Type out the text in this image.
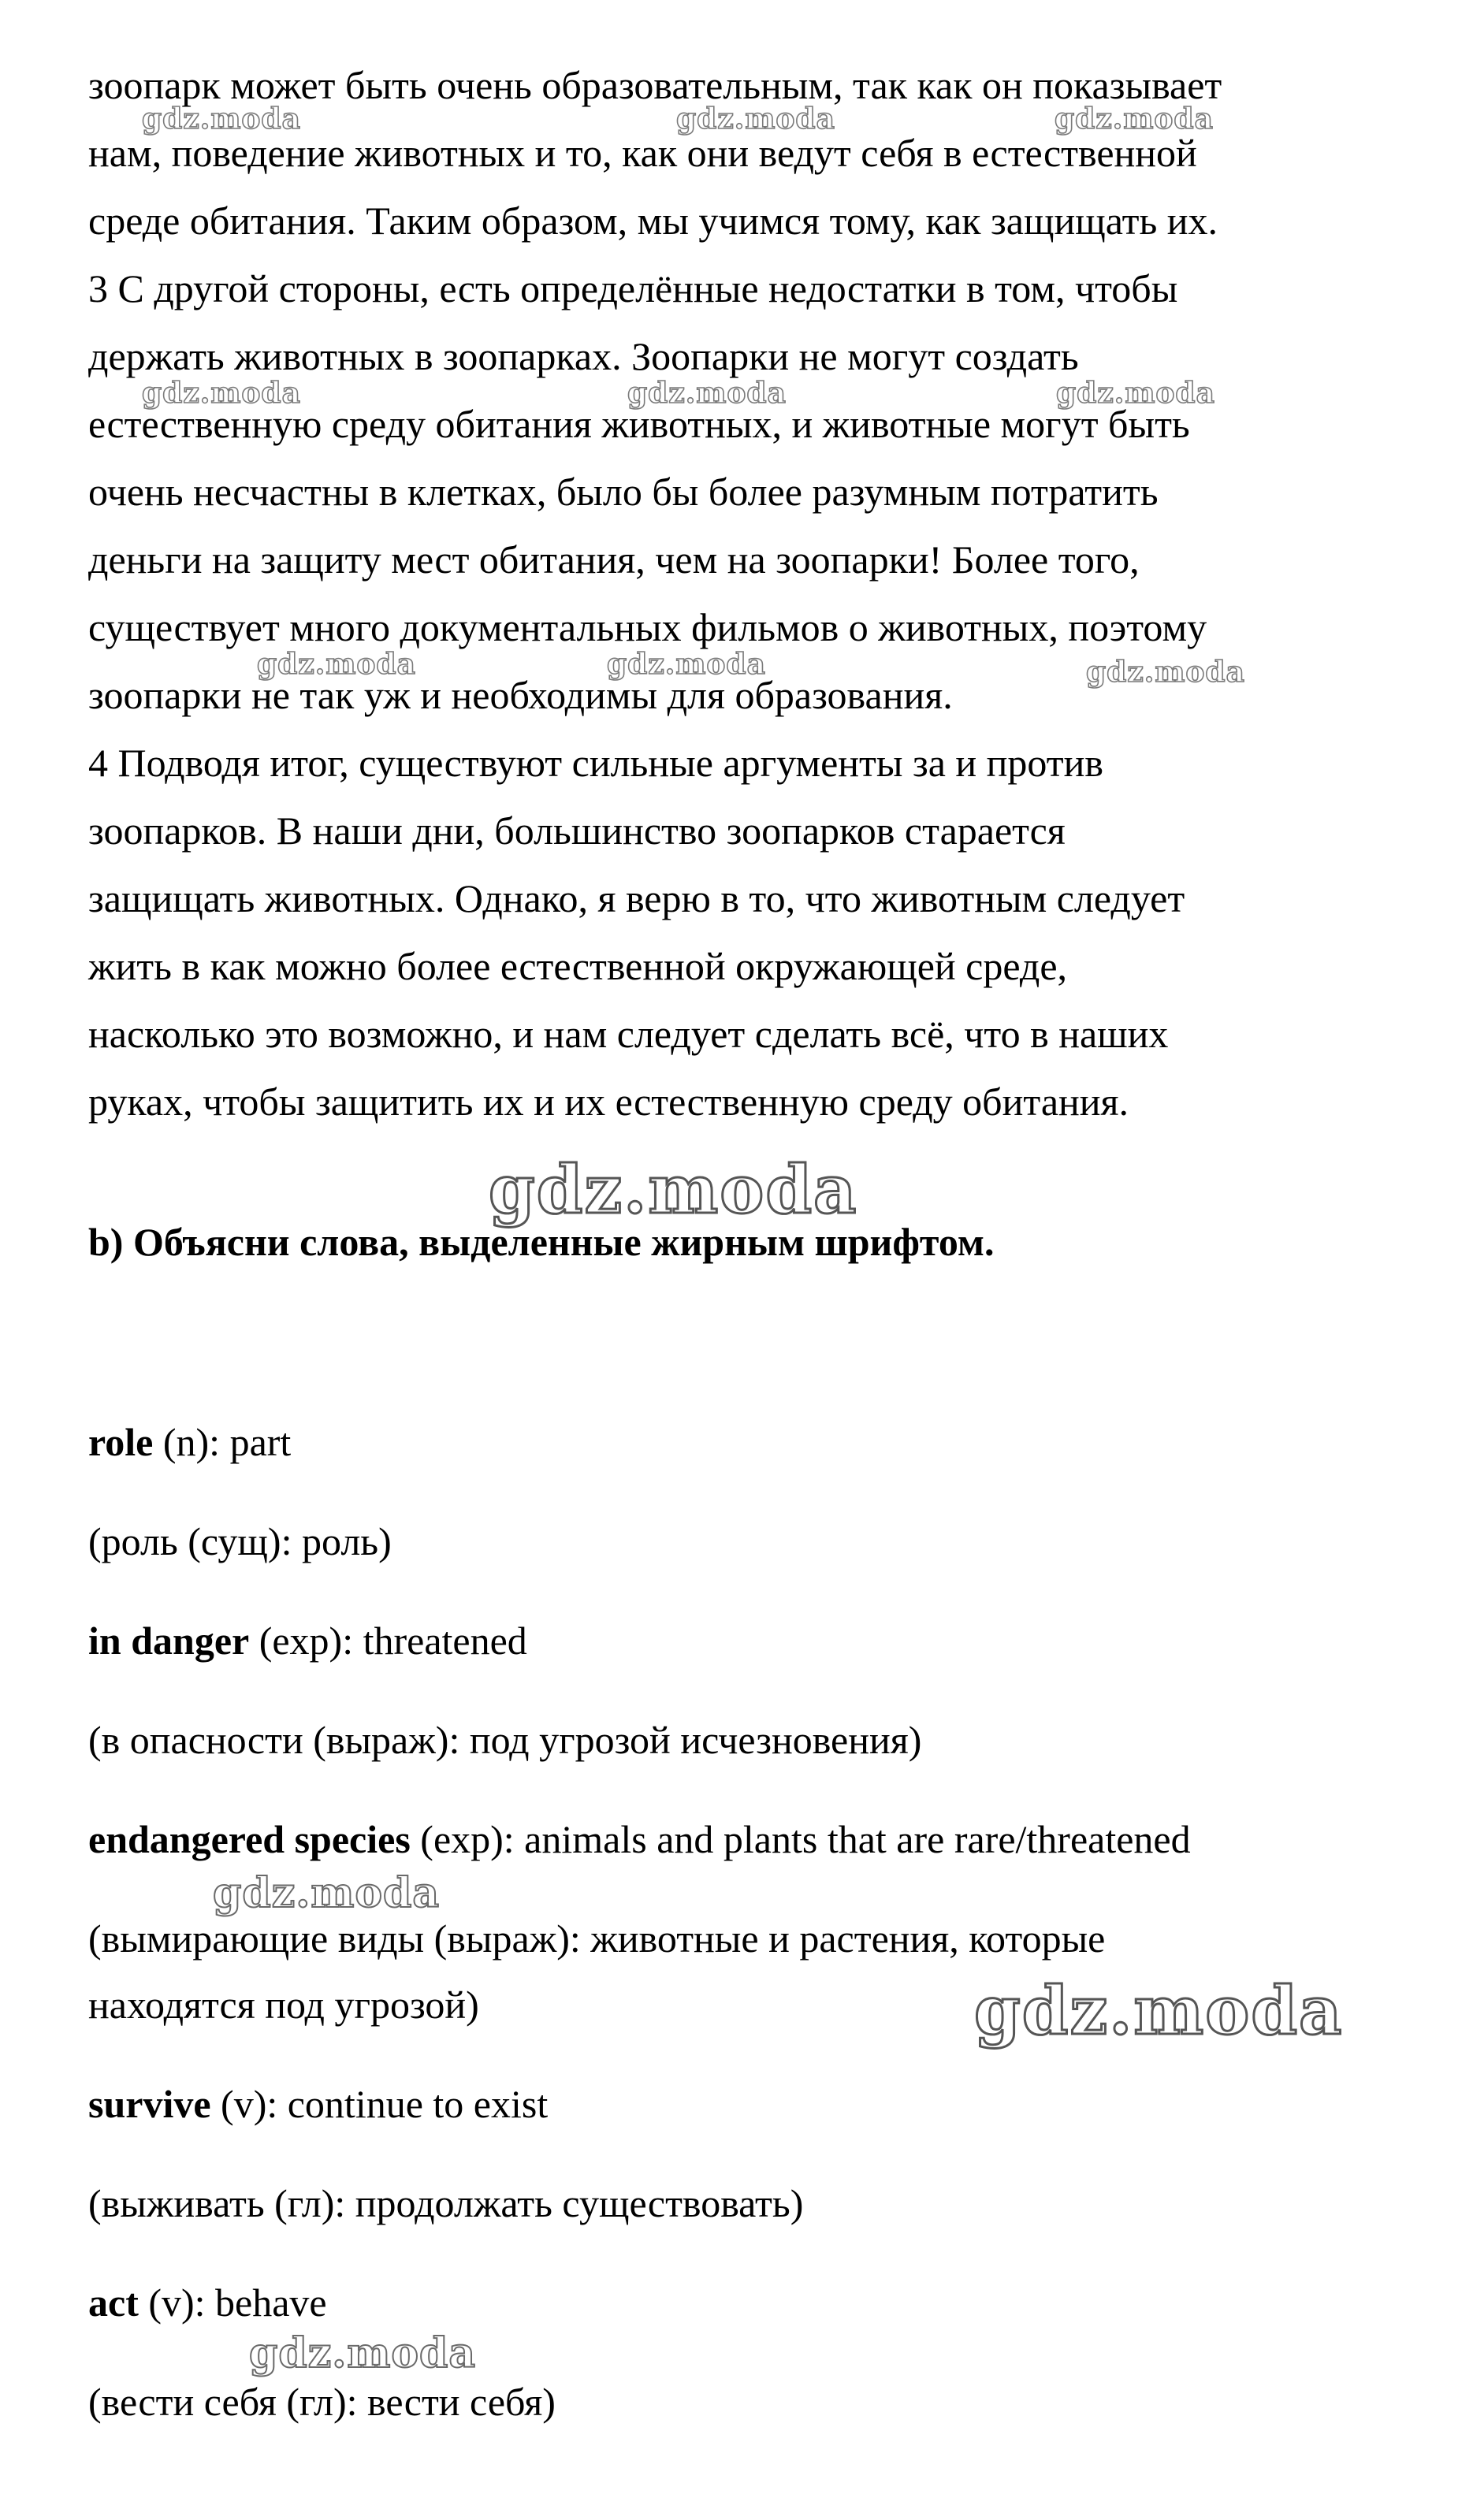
зоопарк может быть очень образовательным, так как он показывает
нам, поведение животных и то, как они ведут себя в естественной
среде обитания. Таким образом, мы учимся тому, как защищать их.
3 С другой стороны, есть определённые недостатки в том, чтобы
держать животных в зоопарках. Зоопарки не могут создать
естественную среду обитания животных, и животные могут быть
очень несчастны в клетках, было бы более разумным потратить
деньги на защиту мест обитания, чем на зоопарки! Более того,
существует много документальных фильмов о животных, поэтому
зоопарки не так уж и необходимы для образования.
4 Подводя итог, существуют сильные аргументы за и против
зоопарков. В наши дни, большинство зоопарков старается
защищать животных. Однако, я верю в то, что животным следует
жить в как можно более естественной окружающей среде,
насколько это возможно, и нам следует сделать всё, что в наших
руках, чтобы защитить их и их естественную среду обитания.
b) Объясни слова, выделенные жирным шрифтом.
role (n): part
(роль (сущ): роль)
in danger (exp): threatened
(в опасности (выраж): под угрозой исчезновения)
endangered species (exp): animals and plants that are rare/threatened
(вымирающие виды (выраж): животные и растения, которые
находятся под угрозой)
survive (v): continue to exist
(выживать (гл): продолжать существовать)
act (v): behave
(вести себя (гл): вести себя)
gdz.moda	gdz.moda	gdz.moda
gdz.moda	gdz.moda	gdz.moda
gdz.moda	gdz.moda	gdz.moda
gdz.moda
gdz.moda
gdz.moda
gdz.moda
